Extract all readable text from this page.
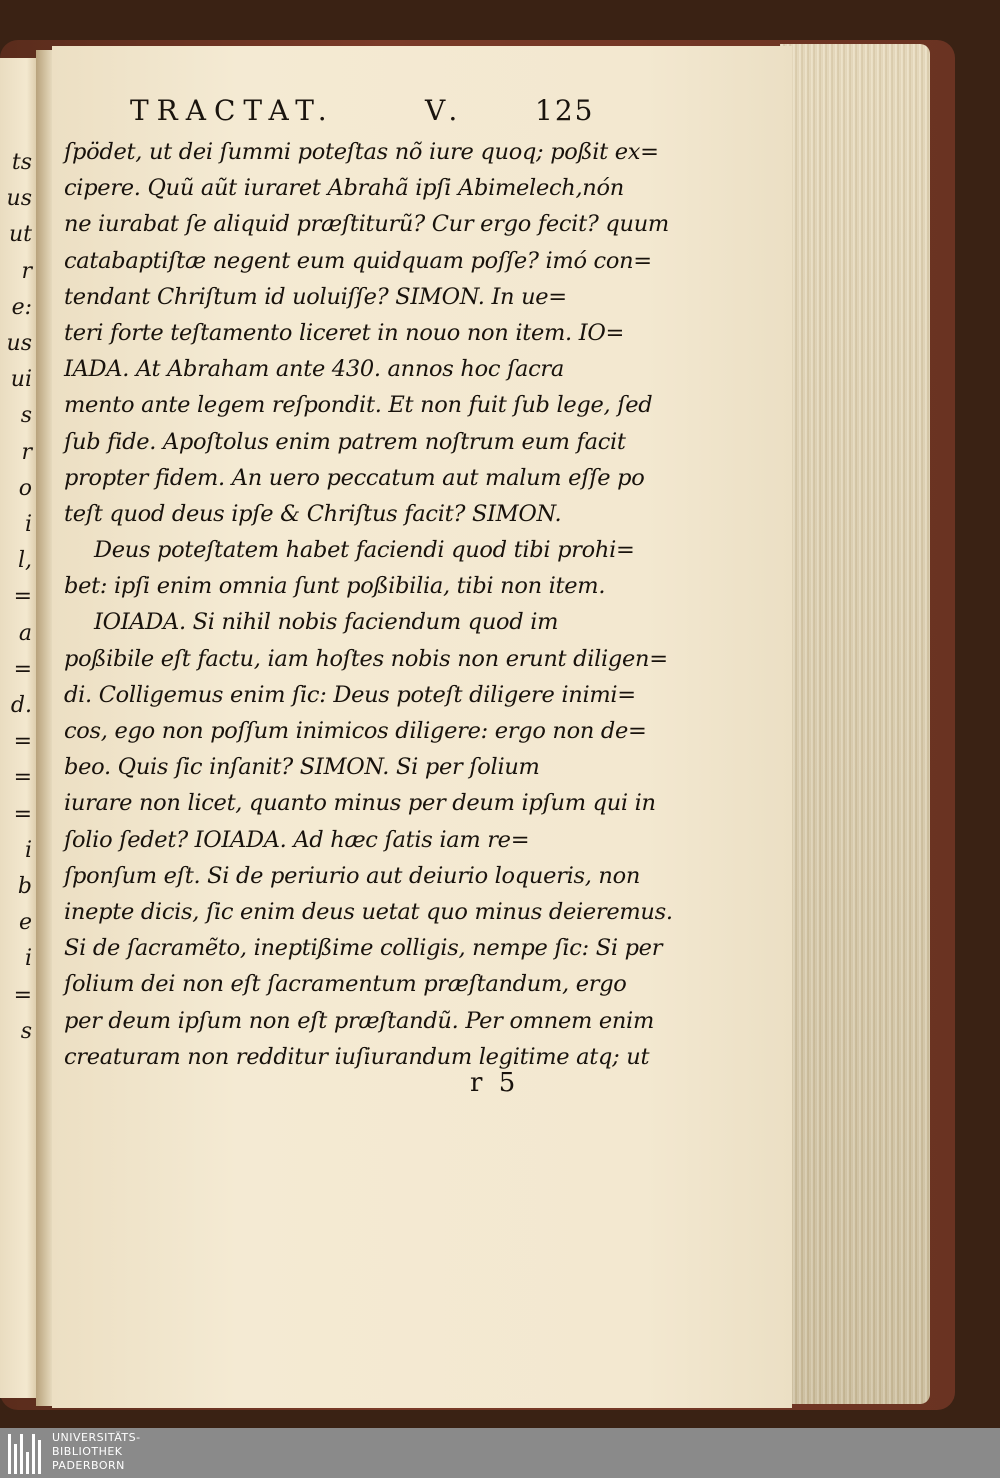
ts
us
ut
r
e:
us
ui
s
r
o
i
l,
=
a
=
d.
=
=
=
i
b
e
i
=
s
TRACTAT.	V. 125
ſpödet, ut dei ſummi poteſtas nõ iure quoq; poßit ex=
cipere. Quũ aũt iuraret Abrahã ipſi Abimelech,nón
ne iurabat ſe aliquid præſtiturũ? Cur ergo fecit? quum
catabaptiſtæ negent eum quidquam poſſe? imó con=
tendant Chriſtum id uoluiſſe? SIMON. In ue=
teri forte teſtamento liceret in nouo non item. IO=
IADA. At Abraham ante 430. annos hoc ſacra
mento ante legem reſpondit. Et non fuit ſub lege, ſed
ſub fide. Apoſtolus enim patrem noſtrum eum facit
propter fidem. An uero peccatum aut malum eſſe po
teſt quod deus ipſe & Chriſtus facit? SIMON.
Deus poteſtatem habet faciendi quod tibi prohi=
bet: ipſi enim omnia ſunt poßibilia, tibi non item.
IOIADA. Si nihil nobis faciendum quod im
poßibile eſt factu, iam hoſtes nobis non erunt diligen=
di. Colligemus enim ſic: Deus poteſt diligere inimi=
cos, ego non poſſum inimicos diligere: ergo non de=
beo. Quis ſic inſanit? SIMON. Si per ſolium
iurare non licet, quanto minus per deum ipſum qui in
ſolio ſedet? IOIADA. Ad hæc ſatis iam re=
ſponſum eſt. Si de periurio aut deiurio loqueris, non
inepte dicis, ſic enim deus uetat quo minus deieremus.
Si de ſacramẽto, ineptißime colligis, nempe ſic: Si per
ſolium dei non eſt ſacramentum præſtandum, ergo
per deum ipſum non eſt præſtandũ. Per omnem enim
creaturam non redditur iuſiurandum legitime atq; ut
r 5
UNIVERSITÄTS-
BIBLIOTHEK
PADERBORN
